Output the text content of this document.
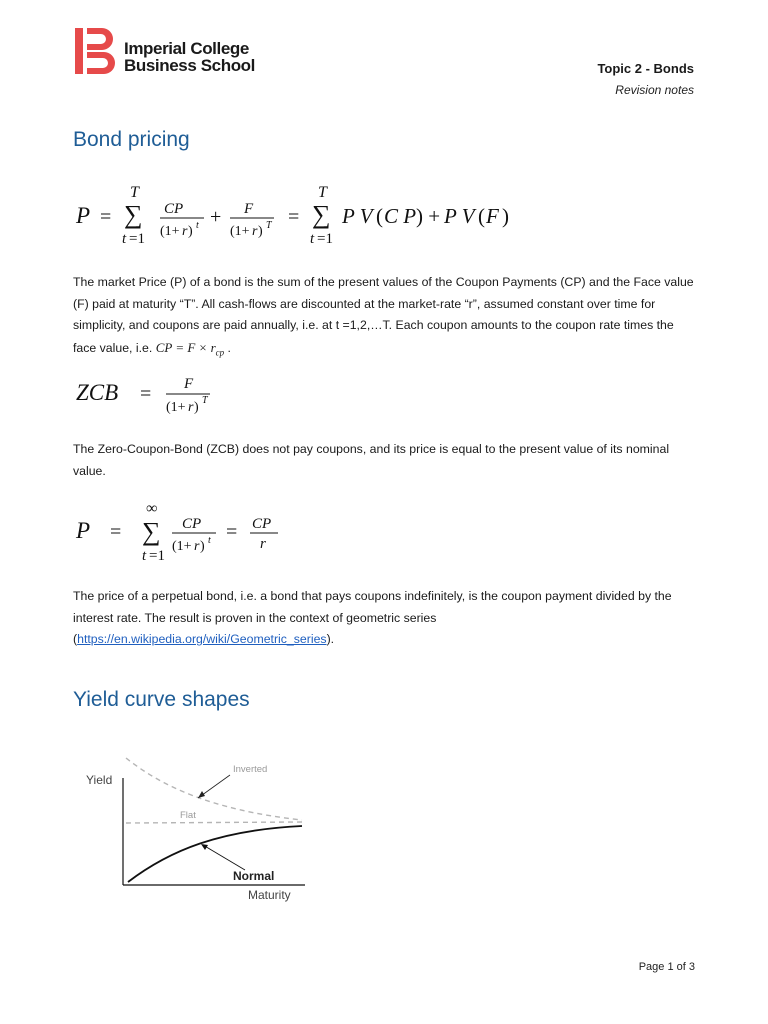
Imperial College
Business School	Topic 2 - Bonds
Revision notes
Bond pricing
P =
T
∑
t =1
CP
(1+ r ) t + F
(1+ r ) T =
T
∑
t =1
P V ( C P ) + P V ( F )
The market Price (P) of a bond is the sum of the present values of the Coupon Payments (CP) and the Face value (F) paid at maturity “T”. All cash-flows are discounted at the market-rate “r”, assumed constant over time for simplicity, and coupons are paid annually, i.e. at t =1,2,…T. Each coupon amounts to the coupon rate times the face value, i.e. CP = $F \times r_{cp}$ .
ZCB = F
(1+ r ) T
The Zero-Coupon-Bond (ZCB) does not pay coupons, and its price is equal to the present value of its nominal value.
P =
∞
∑
t =1
CP
(1+ r ) t = CP
r
The price of a perpetual bond, i.e. a bond that pays coupons indefinitely, is the coupon payment divided by the interest rate. The result is proven in the context of geometric series (https://en.wikipedia.org/wiki/Geometric_series).
Yield curve shapes
Yield
Maturity
Inverted
Flat
Normal
Page 1 of 3
